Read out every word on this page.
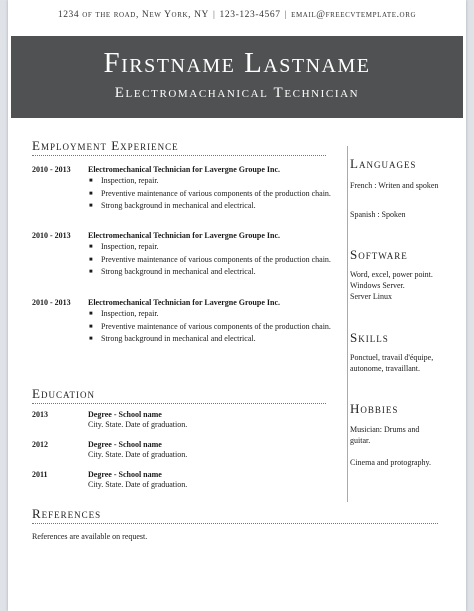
1234 of the road, New York, NY | 123-123-4567 | email@freecvtemplate.org
Firstname Lastname
Electromachanical Technician
Employment Experience
2010 - 2013 Electromechanical Technician for Lavergne Groupe Inc.
■ Inspection, repair.
■ Preventive maintenance of various components of the production chain.
■ Strong background in mechanical and electrical.
2010 - 2013 Electromechanical Technician for Lavergne Groupe Inc.
■ Inspection, repair.
■ Preventive maintenance of various components of the production chain.
■ Strong background in mechanical and electrical.
2010 - 2013 Electromechanical Technician for Lavergne Groupe Inc.
■ Inspection, repair.
■ Preventive maintenance of various components of the production chain.
■ Strong background in mechanical and electrical.
Education
2013	Degree - School name
City. State. Date of graduation.
2012	Degree - School name
City. State. Date of graduation.
2011	Degree - School name
City. State. Date of graduation.
References
References are available on request.
Languages
French : Writen and spoken
Spanish : Spoken
Software
Word, excel, power point.
Windows Server.
Server Linux
Skills
Ponctuel, travail d'équipe, autonome, travaillant.
Hobbies
Musician: Drums and guitar.
Cinema and protography.
